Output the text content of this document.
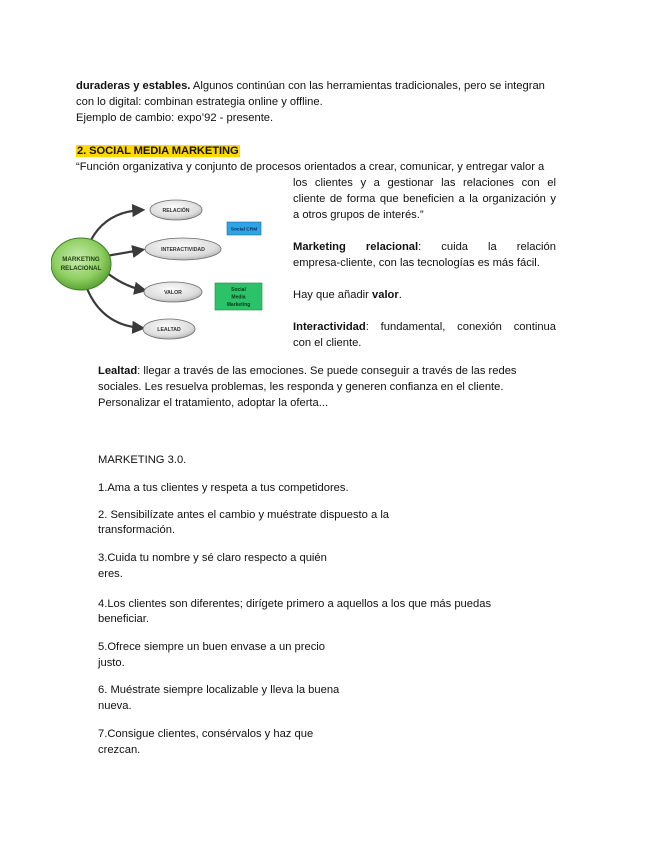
duraderas y estables. Algunos continúan con las herramientas tradicionales, pero se integran
con lo digital: combinan estrategia online y offline.
Ejemplo de cambio: expo’92 - presente.
2. SOCIAL MEDIA MARKETING
“Función organizativa y conjunto de procesos orientados a crear, comunicar, y entregar valor a
los clientes y a gestionar las relaciones con el
cliente de forma que beneficien a la organización y
a otros grupos de interés.”
MARKETING
RELACIONAL
RELACIÓN
INTERACTIVIDAD
VALOR
LEALTAD
Social CRM
Social
Media
Marketing
Marketing relacional: cuida la relación
empresa-cliente, con las tecnologías es más fácil.
Hay que añadir valor.
Interactividad: fundamental, conexión continua
con el cliente.
Lealtad: llegar a través de las emociones. Se puede conseguir a través de las redes
sociales. Les resuelva problemas, les responda y generen confianza en el cliente.
Personalizar el tratamiento, adoptar la oferta...
MARKETING 3.0.
1.Ama a tus clientes y respeta a tus competidores.
2. Sensibilízate antes el cambio y muéstrate dispuesto a la
transformación.
3.Cuida tu nombre y sé claro respecto a quién
eres.
4.Los clientes son diferentes; dirígete primero a aquellos a los que más puedas
beneficiar.
5.Ofrece siempre un buen envase a un precio
justo.
6. Muéstrate siempre localizable y lleva la buena
nueva.
7.Consigue clientes, consérvalos y haz que
crezcan.
